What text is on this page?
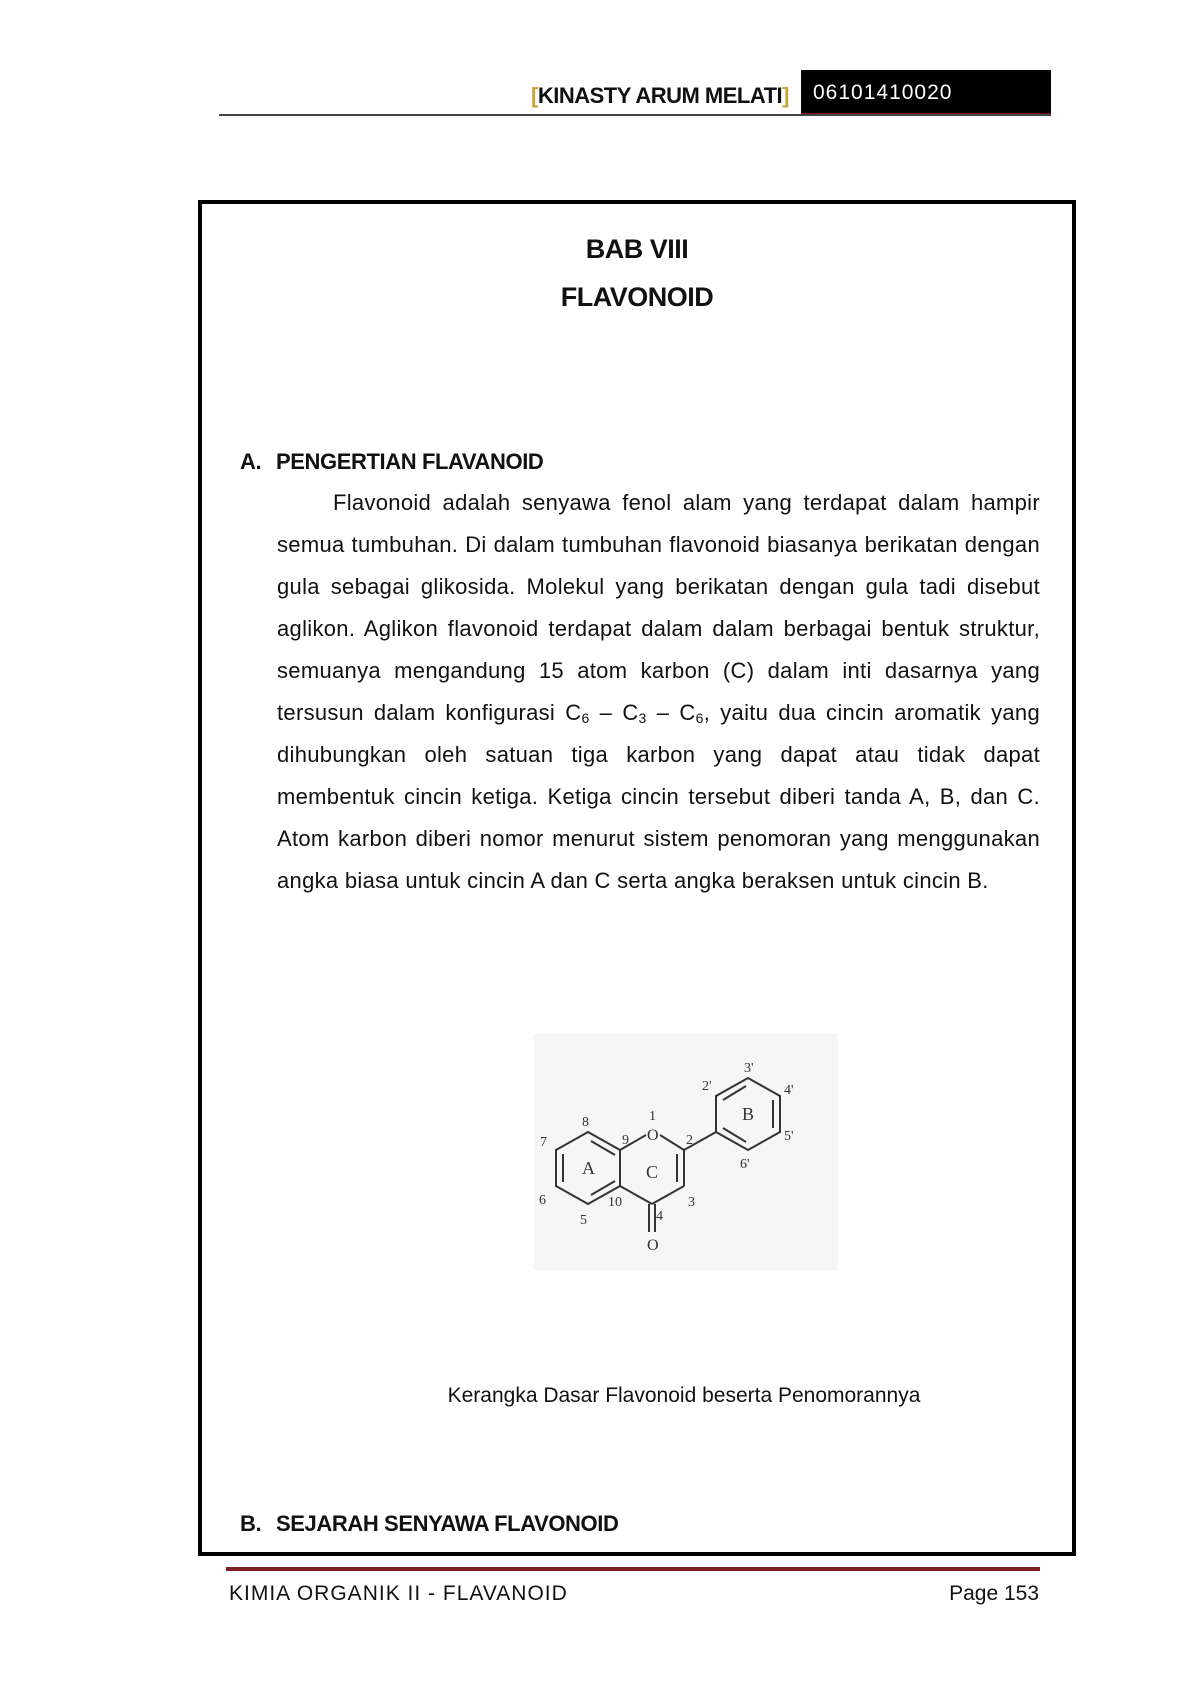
[KINASTY ARUM MELATI]	06101410020
BAB VIII
FLAVONOID
A. PENGERTIAN FLAVANOID

Flavonoid adalah senyawa fenol alam yang terdapat dalam hampir semua tumbuhan. Di dalam tumbuhan flavonoid biasanya berikatan dengan gula sebagai glikosida. Molekul yang berikatan dengan gula tadi disebut aglikon. Aglikon flavonoid terdapat dalam dalam berbagai bentuk struktur, semuanya mengandung 15 atom karbon (C) dalam inti dasarnya yang tersusun dalam konfigurasi $C_6 - C_3 - C_6$, yaitu dua cincin aromatik yang dihubungkan oleh satuan tiga karbon yang dapat atau tidak dapat membentuk cincin ketiga. Ketiga cincin tersebut diberi tanda A, B, dan C. Atom karbon diberi nomor menurut sistem penomoran yang menggunakan angka biasa untuk cincin A dan C serta angka beraksen untuk cincin B.

A	C
B
O
O
1
2
3
4
5
6
7
8
9
10
2'
3'
4'
5'
6'
Kerangka Dasar Flavonoid beserta Penomorannya
B. SEJARAH SENYAWA FLAVONOID
KIMIA ORGANIK II - FLAVANOID	Page 153
